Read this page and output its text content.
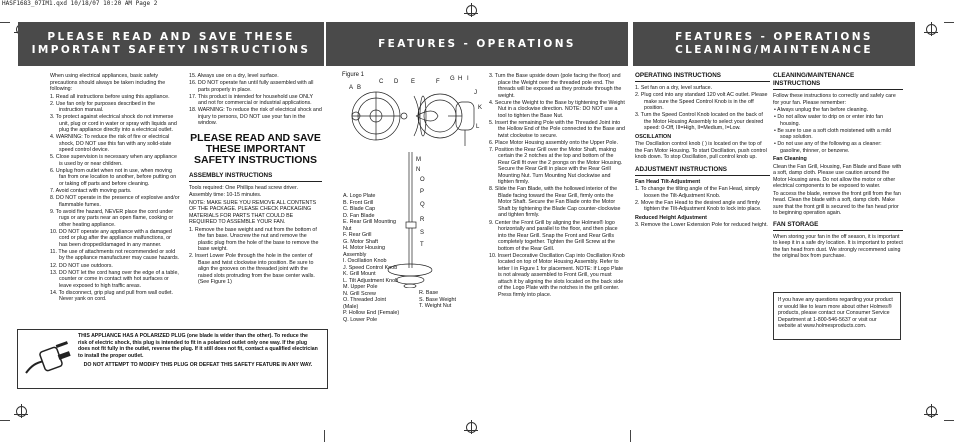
HASF1683_07IM1.qxd 10/18/07 10:20 AM Page 2
PLEASE READ AND SAVE THESE
IMPORTANT SAFETY INSTRUCTIONS
FEATURES - OPERATIONS
FEATURES - OPERATIONS
CLEANING/MAINTENANCE

When using electrical appliances, basic safety precautions should always be taken including the following:

1. Read all instructions before using this appliance.
2. Use fan only for purposes described in the instruction manual.
3. To protect against electrical shock do not immerse unit, plug or cord in water or spray with liquids and plug the appliance directly into a electrical outlet.
4. WARNING: To reduce the risk of fire or electrical shock, DO NOT use this fan with any solid-state speed control device.
5. Close supervision is necessary when any appliance is used by or near children.
6. Unplug from outlet when not in use, when moving fan from one location to another, before putting on or taking off parts and before cleaning.
7. Avoid contact with moving parts.
8. DO NOT operate in the presence of explosive and/or flammable fumes.
9. To avoid fire hazard, NEVER place the cord under rugs or any parts near an open flame, cooking or other heating appliance.
10. DO NOT operate any appliance with a damaged cord or plug after the appliance malfunctions, or has been dropped/damaged in any manner.
11. The use of attachments not recommended or sold by the appliance manufacturer may cause hazards.
12. DO NOT use outdoors.
13. DO NOT let the cord hang over the edge of a table, counter or come in contact with hot surfaces or leave exposed to high traffic areas.
14. To disconnect, grip plug and pull from wall outlet. Never yank on cord.
15. Always use on a dry, level surface.
16. DO NOT operate fan until fully assembled with all parts properly in place.
17. This product is intended for household use ONLY and not for commercial or industrial applications.
18. WARNING: To reduce the risk of electrical shock and injury to persons, DO NOT use your fan in the window.
PLEASE READ AND SAVE THESE IMPORTANT SAFETY INSTRUCTIONS
ASSEMBLY INSTRUCTIONS

Tools required: One Phillips head screw driver.

Assembly time: 10-15 minutes.

NOTE: MAKE SURE YOU REMOVE ALL CONTENTS OF THE PACKAGE. PLEASE CHECK PACKAGING MATERIALS FOR PARTS THAT COULD BE REQUIRED TO ASSEMBLE YOUR FAN.

1. Remove the base weight and nut from the bottom of the fan base. Unscrew the nut and remove the plastic plug from the hole of the base to remove the base weight.
2. Insert Lower Pole through the hole in the center of Base and twist clockwise into position. Be sure to align the grooves on the threaded joint with the raised slots protruding from the base center walls. (See Figure 1)
THIS APPLIANCE HAS A POLARIZED PLUG (one blade is wider than the other). To reduce the risk of electric shock, this plug is intended to fit in a polarized outlet only one way. If the plug does not fit fully in the outlet, reverse the plug. If it still does not fit, contact a qualified electrician to install the proper outlet.
DO NOT ATTEMPT TO MODIFY THIS PLUG OR DEFEAT THIS SAFETY FEATURE IN ANY WAY.
Figure 1
A B
C D E	F G H I
J
K
L
M
N
O
P
Q
R
S
T
A. Logo Plate
B. Front Grill
C. Blade Cap
D. Fan Blade
E. Rear Grill Mounting
Nut
F. Rear Grill
G. Motor Shaft
H. Motor Housing
Assembly
I. Oscillation Knob
J. Speed Control Knob
K. Grill Mount
L. Tilt Adjustment Knob
M. Upper Pole
N. Grill Screw
O. Threaded Joint
(Male)
P. Hollow End (Female)
Q. Lower Pole
R. Base
S. Base Weight
T. Weight Nut
3. Turn the Base upside down (pole facing the floor) and place the Weight over the threaded pole end. The threads will be exposed as they protrude through the weight.
4. Secure the Weight to the Base by tightening the Weight Nut in a clockwise direction. NOTE: DO NOT use a tool to tighten the Base Nut.
5. Insert the remaining Pole with the Threaded Joint into the Hollow End of the Pole connected to the Base and twist clockwise to secure.
6. Place Motor Housing assembly onto the Upper Pole.
7. Position the Rear Grill over the Motor Shaft, making certain the 2 notches at the top and bottom of the Rear Grill fit over the 2 prongs on the Motor Housing. Secure the Rear Grill in place with the Rear Grill Mounting Nut. Turn Mounting Nut clockwise and tighten firmly.
8. Slide the Fan Blade, with the hollowed interior of the Blade facing toward the Rear Grill, firmly onto the Motor Shaft. Secure the Fan Blade onto the Motor Shaft by tightening the Blade Cap counter-clockwise and tighten firmly.
9. Center the Front Grill by aligning the Holmes® logo horizontally and parallel to the floor, and then place into the Rear Grill. Snap the Front and Rear Grills completely together. Tighten the Grill Screw at the bottom of the Rear Grill.
10. Insert Decorative Oscillation Cap into Oscillation Knob located on top of Motor Housing Assembly. Refer to letter I in Figure 1 for placement. NOTE: If Logo Plate is not already assembled to Front Grill, you must attach it by aligning the slots located on the back side of the Logo Plate with the notches in the grill center. Press firmly into place.
OPERATING INSTRUCTIONS
1. Set fan on a dry, level surface.
2. Plug cord into any standard 120 volt AC outlet. Please make sure the Speed Control Knob is in the off position.
3. Turn the Speed Control Knob located on the back of the Motor Housing Assembly to select your desired speed: 0-Off, III=High, II=Medium, I=Low.
OSCILLATION

The Oscillation control knob ( ) is located on the top of the Fan Motor Housing. To start Oscillation, push control knob down. To stop Oscillation, pull control knob up.

ADJUSTMENT INSTRUCTIONS
Fan Head Tilt-Adjustment
1. To change the tilting angle of the Fan Head, simply loosen the Tilt-Adjustment Knob.
2. Move the Fan Head to the desired angle and firmly tighten the Tilt-Adjustment Knob to lock into place.
Reduced Height Adjustment
3. Remove the Lower Extension Pole for reduced height.
CLEANING/MAINTENANCE INSTRUCTIONS

Follow these instructions to correctly and safely care for your fan. Please remember:

• Always unplug the fan before cleaning.
• Do not allow water to drip on or enter into fan housing.
• Be sure to use a soft cloth moistened with a mild soap solution.
• Do not use any of the following as a cleaner: gasoline, thinner, or benzene.
Fan Cleaning

Clean the Fan Grill, Housing, Fan Blade and Base with a soft, damp cloth. Please use caution around the Motor Housing area. Do not allow the motor or other electrical components to be exposed to water.

To access the blade, remove the front grill from the fan head. Clean the blade with a soft, damp cloth. Make sure that the front grill is secured to the fan head prior to beginning operation again.

FAN STORAGE

When storing your fan in the off season, it is important to keep it in a safe dry location. It is important to protect the fan head from dust. We strongly recommend using the original box from purchase.

If you have any questions regarding your product or would like to learn more about other Holmes® products, please contact our Consumer Service Department at 1-800-546-5637 or visit our website at www.holmesproducts.com.
